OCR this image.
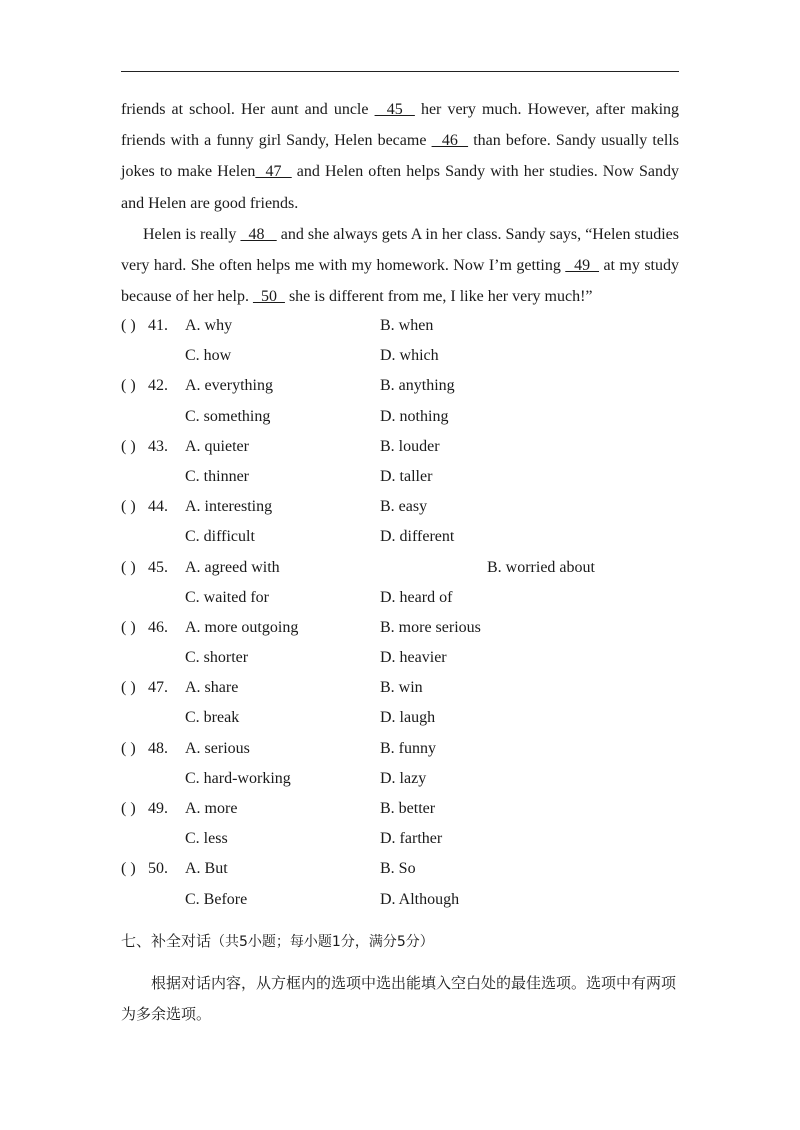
friends at school. Her aunt and uncle   45   her very much. However, after making friends with a funny girl Sandy, Helen became   46   than before. Sandy usually tells jokes to make Helen  47   and Helen often helps Sandy with her studies. Now Sandy and Helen are good friends.

Helen is really   48    and she always gets A in her class. Sandy says, “Helen studies very hard. She often helps me with my homework. Now I’m getting   49   at my study because of her help.   50   she is different from me, I like her very much!”

( ) 41. A. why	B. when
C. how	D. which
( ) 42. A. everything	B. anything
C. something	D. nothing
( ) 43. A. quieter	B. louder
C. thinner	D. taller
( ) 44. A. interesting	B. easy
C. difficult	D. different
( ) 45. A. agreed with	B. worried about
C. waited for	D. heard of
( ) 46. A. more outgoing	B. more serious
C. shorter	D. heavier
( ) 47. A. share	B. win
C. break	D. laugh
( ) 48. A. serious	B. funny
C. hard-working	D. lazy
( ) 49. A. more	B. better
C. less	D. farther
( ) 50. A. But	B. So
C. Before	D. Although
七、补全对话（共5小题；每小题1分，满分5分）

根据对话内容，从方框内的选项中选出能填入空白处的最佳选项。选项中有两项为多余选项。
